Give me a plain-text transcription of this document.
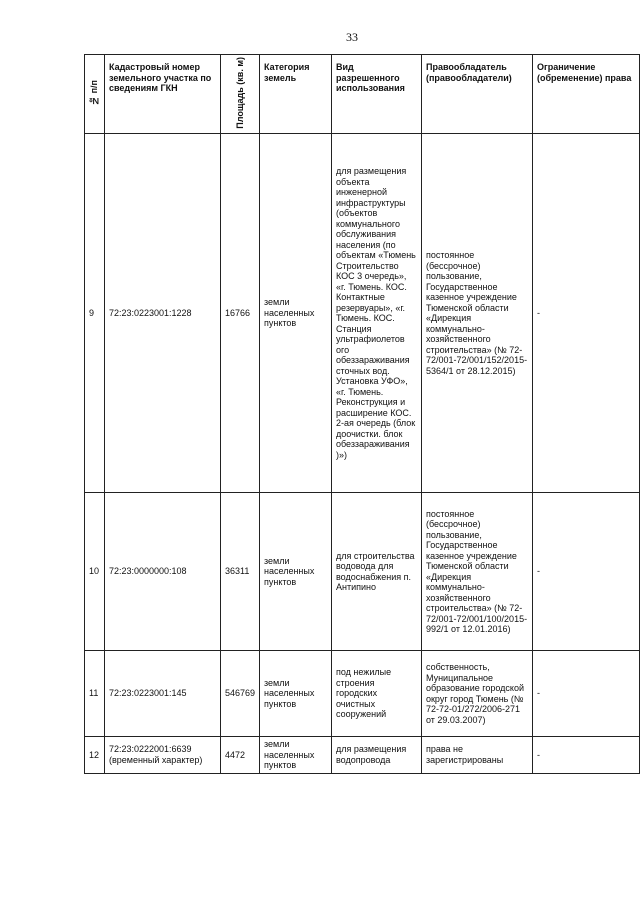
33
№ п/п	Кадастровый номер земельного участка по сведениям ГКН	Площадь (кв. м)	Категория земель	Вид разрешенного использования	Правообладатель (правообладатели)	Ограничение (обременение) права
9	72:23:0223001:1228	16766	земли населенных пунктов	для размещения объекта инженерной инфраструктуры (объектов коммунального обслуживания населения (по объектам «Тюмень Строительство КОС 3 очередь», «г. Тюмень. КОС. Контактные резервуары», «г. Тюмень. КОС. Станция ультрафиолетов ого обеззараживания сточных вод. Установка УФО», «г. Тюмень. Реконструкция и расширение КОС. 2-ая очередь (блок доочистки. блок обеззараживания )»)	постоянное (бессрочное) пользование, Государственное казенное учреждение Тюменской области «Дирекция коммунально-хозяйственного строительства» (№ 72-72/001-72/001/152/2015-5364/1 от 28.12.2015)	-
10	72:23:0000000:108	36311	земли населенных пунктов	для строительства водовода для водоснабжения п. Антипино	постоянное (бессрочное) пользование, Государственное казенное учреждение Тюменской области «Дирекция коммунально-хозяйственного строительства» (№ 72-72/001-72/001/100/2015-992/1 от 12.01.2016)	-
11	72:23:0223001:145	546769	земли населенных пунктов	под нежилые строения городских очистных сооружений	собственность, Муниципальное образование городской округ город Тюмень (№ 72-72-01/272/2006-271 от 29.03.2007)	-
12	72:23:0222001:6639 (временный характер)	4472	земли населенных пунктов	для размещения водопровода	права не зарегистрированы	-
